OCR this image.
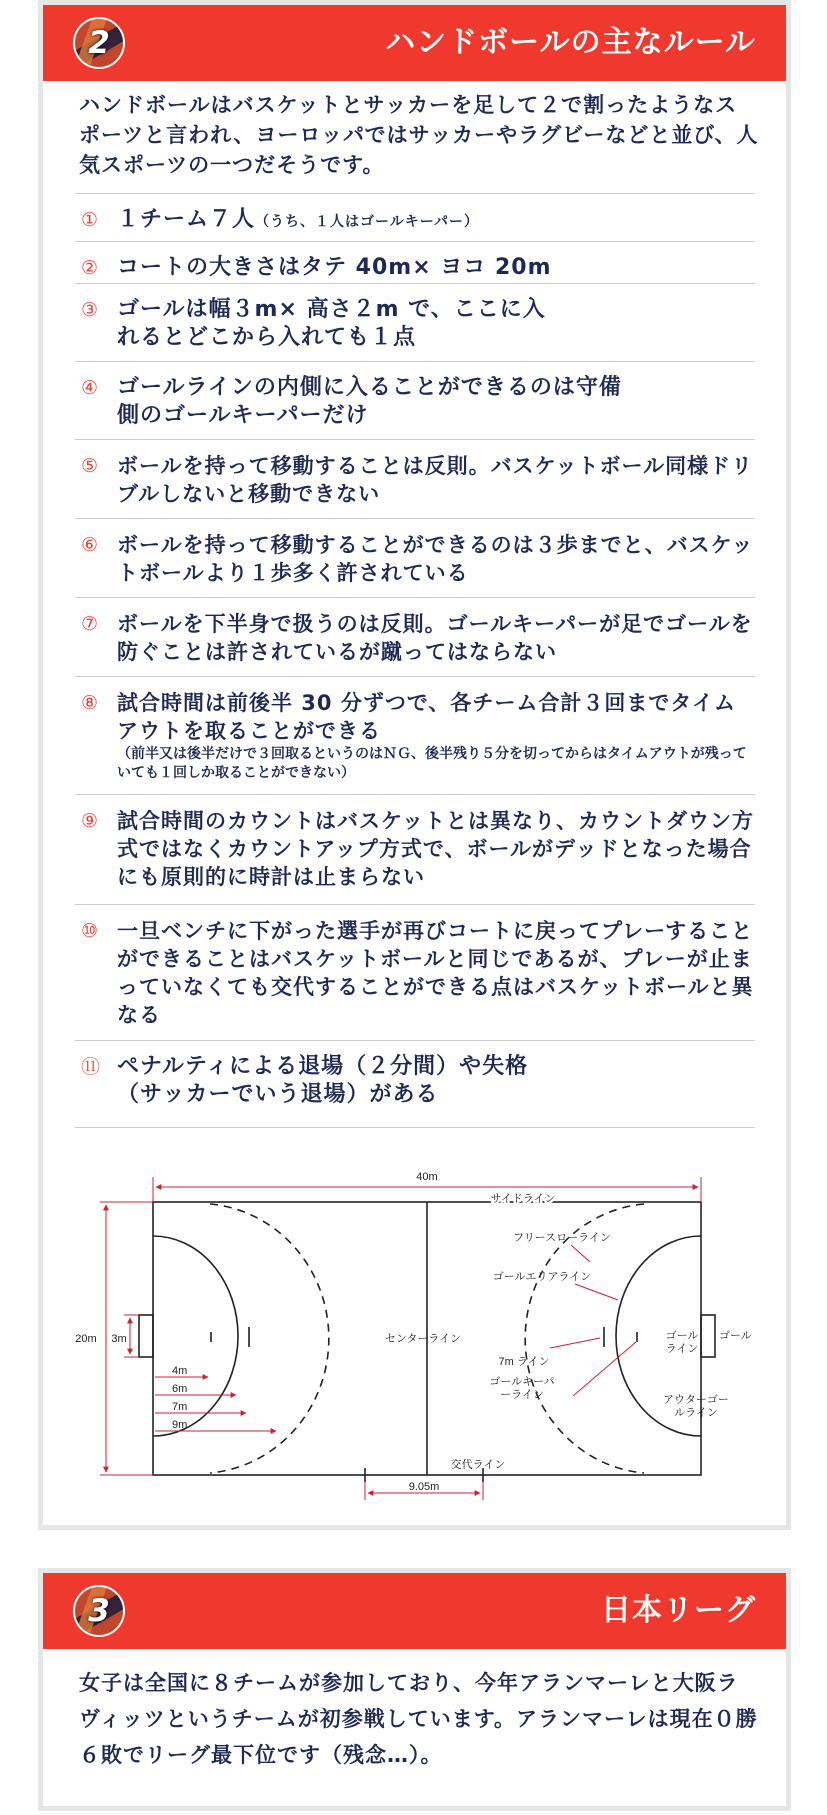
2	ハンドボールの主なルール
ハンドボールはバスケットとサッカーを足して２で割ったようなスポーツと言われ、ヨーロッパではサッカーやラグビーなどと並び、人気スポーツの一つだそうです。
① １チーム７人（うち、１人はゴールキーパー）
② コートの大きさはタテ 40m× ヨコ 20m
③ ゴールは幅３m× 高さ２m で、ここに入れるとどこから入れても１点
④ ゴールラインの内側に入ることができるのは守備側のゴールキーパーだけ
⑤ ボールを持って移動することは反則。バスケットボール同様ドリブルしないと移動できない
⑥ ボールを持って移動することができるのは３歩までと、バスケットボールより１歩多く許されている
⑦ ボールを下半身で扱うのは反則。ゴールキーパーが足でゴールを防ぐことは許されているが蹴ってはならない
⑧ 試合時間は前後半 30 分ずつで、各チーム合計３回までタイムアウトを取ることができる
（前半又は後半だけで３回取るというのはＮＧ、後半残り５分を切ってからはタイムアウトが残っていても１回しか取ることができない）
⑨ 試合時間のカウントはバスケットとは異なり、カウントダウン方式ではなくカウントアップ方式で、ボールがデッドとなった場合にも原則的に時計は止まらない
⑩ 一旦ベンチに下がった選手が再びコートに戻ってプレーすることができることはバスケットボールと同じであるが、プレーが止まっていなくても交代することができる点はバスケットボールと異なる
⑪ ペナルティによる退場（２分間）や失格（サッカーでいう退場）がある
40m
サイドライン
20m 3m
フリースローライン
ゴールエリアライン
センターライン
7m ライン
4m
6m
7m
9m
交代ライン
9.05m
ゴールキーパーライン
ゴールライン
ゴール
アウターゴールライン
3	日本リーグ
女子は全国に８チームが参加しており、今年アランマーレと大阪ラヴィッツというチームが初参戦しています。アランマーレは現在０勝６敗でリーグ最下位です（残念…）。
